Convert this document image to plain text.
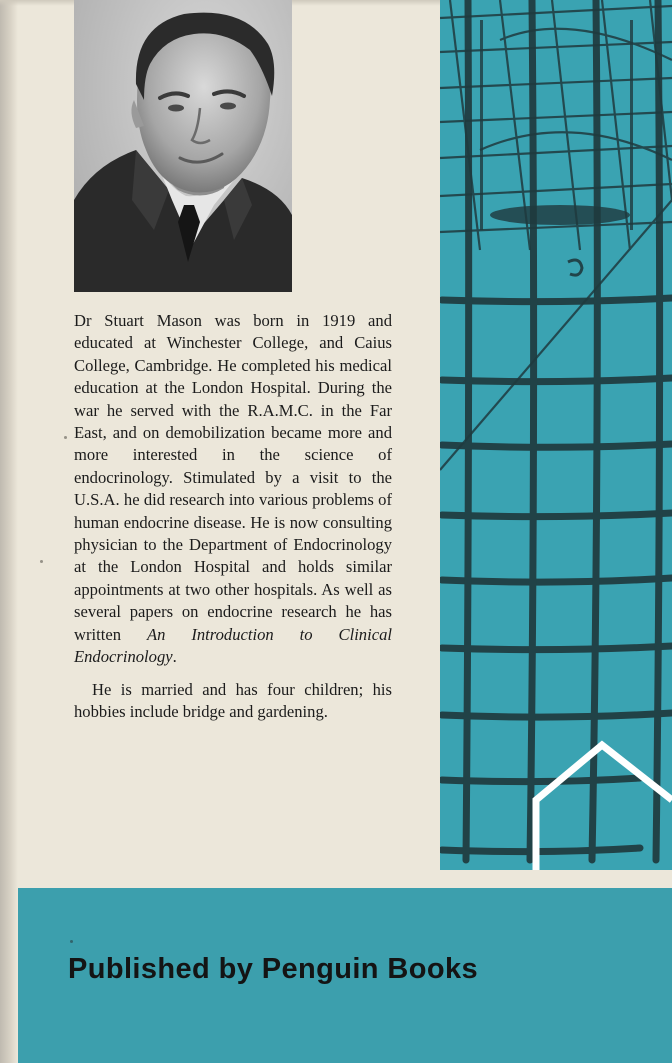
Dr Stuart Mason was born in 1919 and educated at Winchester College, and Caius College, Cambridge. He completed his medical education at the London Hospital. During the war he served with the R.A.M.C. in the Far East, and on demobilization became more and more interested in the science of endocrinology. Stimulated by a visit to the U.S.A. he did research into various problems of human endocrine disease. He is now consulting physician to the Department of Endocrinology at the London Hospital and holds similar appointments at two other hospitals. As well as several papers on endocrine research he has written An Introduction to Clinical Endocrinology.

He is married and has four children; his hobbies include bridge and gardening.

Published by Penguin Books
